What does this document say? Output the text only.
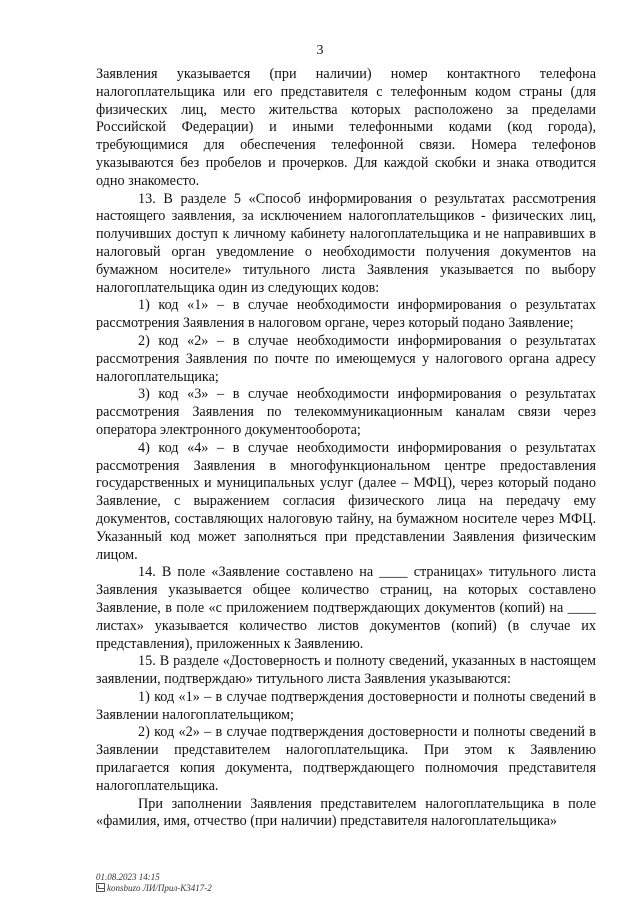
3

Заявления указывается (при наличии) номер контактного телефона налогоплательщика или его представителя с телефонным кодом страны (для физических лиц, место жительства которых расположено за пределами Российской Федерации) и иными телефонными кодами (код города), требующимися для обеспечения телефонной связи. Номера телефонов указываются без пробелов и прочерков. Для каждой скобки и знака отводится одно знакоместо.

13. В разделе 5 «Способ информирования о результатах рассмотрения настоящего заявления, за исключением налогоплательщиков - физических лиц, получивших доступ к личному кабинету налогоплательщика и не направивших в налоговый орган уведомление о необходимости получения документов на бумажном носителе» титульного листа Заявления указывается по выбору налогоплательщика один из следующих кодов:

1) код «1» – в случае необходимости информирования о результатах рассмотрения Заявления в налоговом органе, через который подано Заявление;

2) код «2» – в случае необходимости информирования о результатах рассмотрения Заявления по почте по имеющемуся у налогового органа адресу налогоплательщика;

3) код «3» – в случае необходимости информирования о результатах рассмотрения Заявления по телекоммуникационным каналам связи через оператора электронного документооборота;

4) код «4» – в случае необходимости информирования о результатах рассмотрения Заявления в многофункциональном центре предоставления государственных и муниципальных услуг (далее – МФЦ), через который подано Заявление, с выражением согласия физического лица на передачу ему документов, составляющих налоговую тайну, на бумажном носителе через МФЦ. Указанный код может заполняться при представлении Заявления физическим лицом.

14. В поле «Заявление составлено на ____ страницах» титульного листа Заявления указывается общее количество страниц, на которых составлено Заявление, в поле «с приложением подтверждающих документов (копий) на ____ листах» указывается количество листов документов (копий) (в случае их представления), приложенных к Заявлению.

15. В разделе «Достоверность и полноту сведений, указанных в настоящем заявлении, подтверждаю» титульного листа Заявления указываются:

1) код «1» – в случае подтверждения достоверности и полноты сведений в Заявлении налогоплательщиком;

2) код «2» – в случае подтверждения достоверности и полноты сведений в Заявлении представителем налогоплательщика. При этом к Заявлению прилагается копия документа, подтверждающего полномочия представителя налогоплательщика.

При заполнении Заявления представителем налогоплательщика в поле «фамилия, имя, отчество (при наличии) представителя налогоплательщика»

01.08.2023 14:15
konsbuzo ЛИ/Прил-К3417-2
